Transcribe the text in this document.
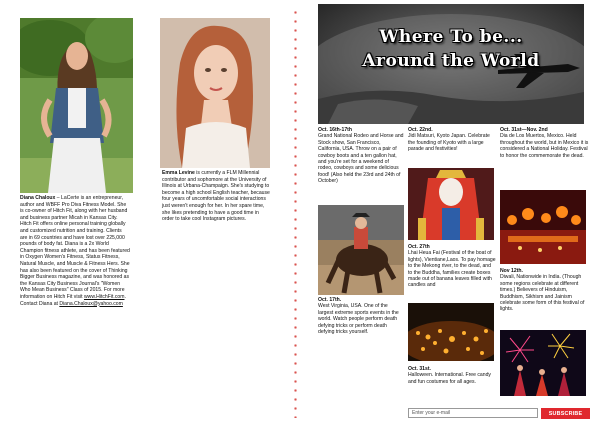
Diana Chaloux – LaCerte is an entrepreneur, author and WBFF Pro Diva Fitness Model. She is co-owner of Hitch Fit, along with her husband and business partner Micah in Kansas City. Hitch Fit offers online personal training globally and customized nutrition and training. Clients are in 69 countries and have lost over 225,000 pounds of body fat. Diana is a 2x World Champion fitness athlete, and has been featured in Oxygen Women's Fitness, Status Fitness, Natural Muscle, and Muscle & Fitness Hers. She has also been featured on the cover of Thinking Bigger Business magazine, and was honored as the Kansas City Business Journal's "Women Who Mean Business" Class of 2015. For more information on Hitch Fit visit www.HitchFit.com. Contact Diana at Diana.Chaloux@yahoo.com
Emma Levine is currently a FLM Millennial contributor and sophomore at the University of Illinois at Urbana-Champaign. She's studying to become a high school English teacher, because four years of uncomfortable social interactions just weren't enough for her. In her spare time, she likes pretending to have a good time in order to take cool Instagram pictures.
Where To be...
Around the World
Oct. 16th-17th
Grand National Rodeo and Horse and Stock show, San Francisco, California, USA. Throw on a pair of cowboy boots and a ten gallon hat, and you're set for a weekend of rodeo, cowboys and some delicious food! (Also held the 23rd and 24th of October)
Oct. 17th.
West Virginia, USA. One of the largest extreme sports events in the world. Watch people perform death defying tricks or perform death defying tricks yourself.
Oct. 22nd.
Jidi Matsuri, Kyoto Japan. Celebrate the founding of Kyoto with a large parade and festivities!
Oct. 27th
Lhai Heua Fai (Festival of the boat of lights), Vientiane,Laos. To pay homage to the Mekong river, to the dead, and to the Buddha, families create boxes made out of banana leaves filled with candles and
Oct. 31st.
Halloween. International. Free candy and fun costumes for all ages.
Oct. 31st—Nov. 2nd
Dia de Los Muertos, Mexico. Held throughout the world, but in Mexico it is considered a National Holiday. Festival to honor the commemorate the dead.
Nov 12th.
Diwali, Nationwide in India. (Though some regions celebrate at different times.) Believers of Hinduism, Buddhism, Sikhism and Jainism celebrate some form of this festival of lights.
Enter your e-mail
SUBSCRIBE
